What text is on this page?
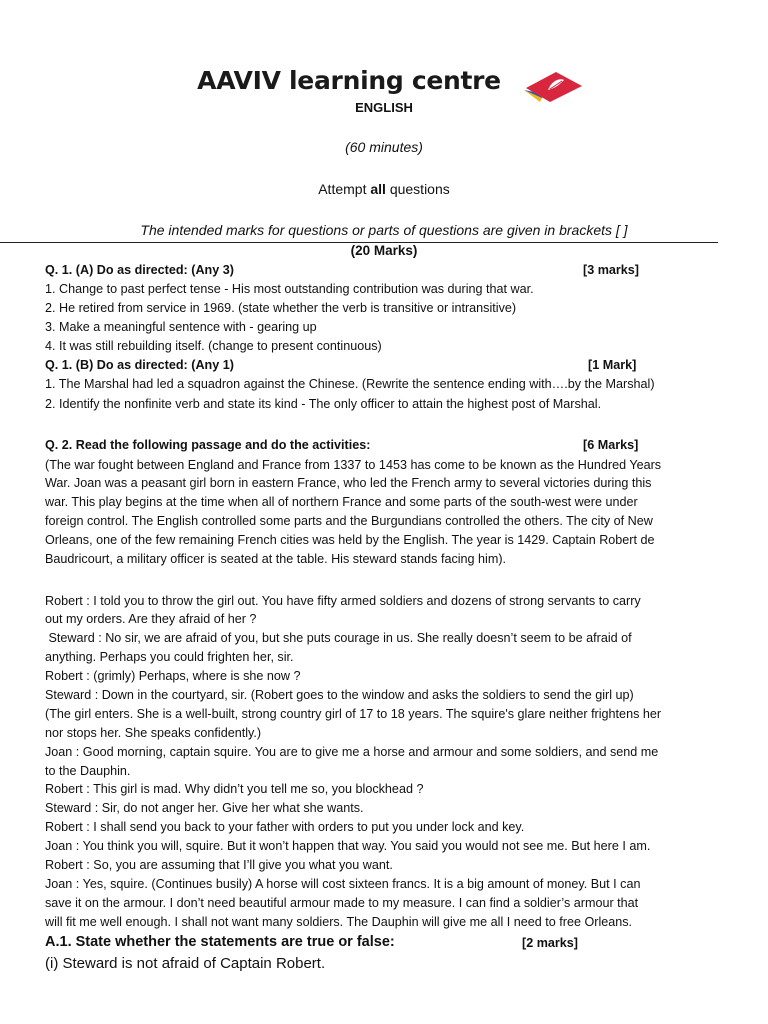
AAVIV learning centre
ENGLISH
(60 minutes)
Attempt all questions
The intended marks for questions or parts of questions are given in brackets [ ]
(20 Marks)
Q. 1. (A) Do as directed: (Any 3)	[3 marks]
1. Change to past perfect tense - His most outstanding contribution was during that war.
2. He retired from service in 1969. (state whether the verb is transitive or intransitive)
3. Make a meaningful sentence with - gearing up
4. It was still rebuilding itself. (change to present continuous)
Q. 1. (B) Do as directed: (Any 1)	[1 Mark]
1. The Marshal had led a squadron against the Chinese. (Rewrite the sentence ending with….by the Marshal)
2. Identify the nonfinite verb and state its kind - The only officer to attain the highest post of Marshal.
Q. 2. Read the following passage and do the activities:	[6 Marks]
(The war fought between England and France from 1337 to 1453 has come to be known as the Hundred Years
War. Joan was a peasant girl born in eastern France, who led the French army to several victories during this
war. This play begins at the time when all of northern France and some parts of the south-west were under
foreign control. The English controlled some parts and the Burgundians controlled the others. The city of New
Orleans, one of the few remaining French cities was held by the English. The year is 1429. Captain Robert de
Baudricourt, a military officer is seated at the table. His steward stands facing him).
Robert : I told you to throw the girl out. You have fifty armed soldiers and dozens of strong servants to carry
out my orders. Are they afraid of her ?
Steward : No sir, we are afraid of you, but she puts courage in us. She really doesn’t seem to be afraid of
anything. Perhaps you could frighten her, sir.
Robert : (grimly) Perhaps, where is she now ?
Steward : Down in the courtyard, sir. (Robert goes to the window and asks the soldiers to send the girl up)
(The girl enters. She is a well-built, strong country girl of 17 to 18 years. The squire's glare neither frightens her
nor stops her. She speaks confidently.)
Joan : Good morning, captain squire. You are to give me a horse and armour and some soldiers, and send me
to the Dauphin.
Robert : This girl is mad. Why didn’t you tell me so, you blockhead ?
Steward : Sir, do not anger her. Give her what she wants.
Robert : I shall send you back to your father with orders to put you under lock and key.
Joan : You think you will, squire. But it won’t happen that way. You said you would not see me. But here I am.
Robert : So, you are assuming that I’ll give you what you want.
Joan : Yes, squire. (Continues busily) A horse will cost sixteen francs. It is a big amount of money. But I can
save it on the armour. I don’t need beautiful armour made to my measure. I can find a soldier’s armour that
will fit me well enough. I shall not want many soldiers. The Dauphin will give me all I need to free Orleans.
A.1. State whether the statements are true or false:	[2 marks]
(i) Steward is not afraid of Captain Robert.
